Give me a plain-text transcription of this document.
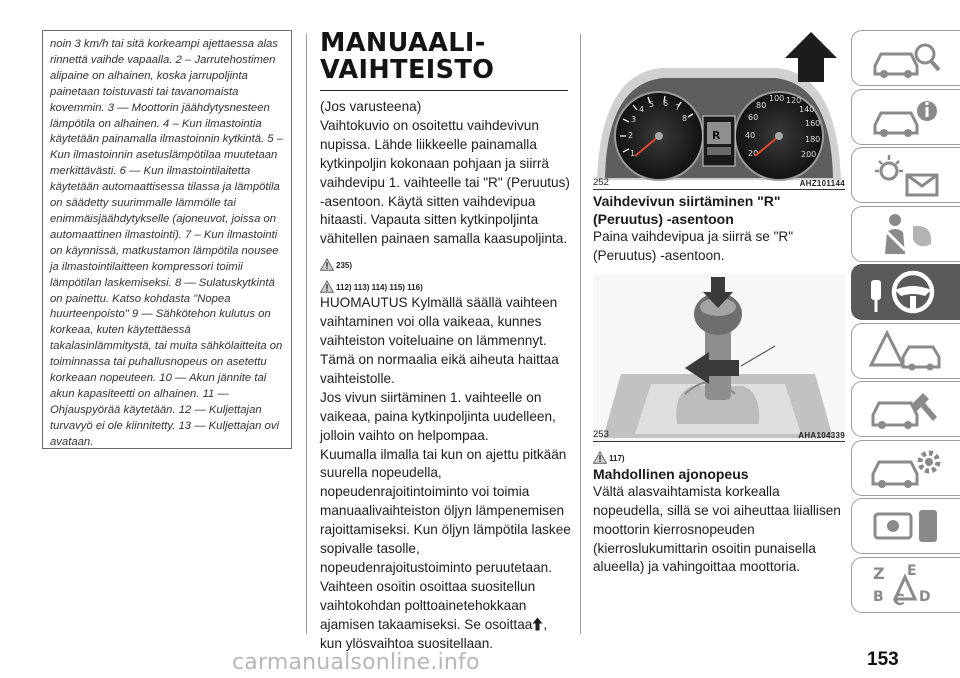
noin 3 km/h tai sitä korkeampi ajettaessa alas rinnettä vaihde vapaalla. 2 – Jarrutehostimen alipaine on alhainen, koska jarrupoljinta painetaan toistuvasti tai tavanomaista kovemmin. 3 — Moottorin jäähdytysnesteen lämpötila on alhainen. 4 – Kun ilmastointia käytetään painamalla ilmastoinnin kytkintä. 5 – Kun ilmastoinnin asetuslämpötilaa muutetaan merkittävästi. 6 — Kun ilmastointilaitetta käytetään automaattisessa tilassa ja lämpötila on säädetty suurimmalle lämmölle tai enimmäisjäähdytykselle (ajoneuvot, joissa on automaattinen ilmastointi). 7 – Kun ilmastointi on käynnissä, matkustamon lämpötila nousee ja ilmastointilaitteen kompressori toimii lämpötilan laskemiseksi. 8 — Sulatuskytkintä on painettu. Katso kohdasta "Nopea huurteenpoisto" 9 — Sähkötehon kulutus on korkeaa, kuten käytettäessä takalasinlämmitystä, tai muita sähkölaitteita on toiminnassa tai puhallusnopeus on asetettu korkeaan nopeuteen. 10 — Akun jännite tai akun kapasiteetti on alhainen. 11 — Ohjauspyörää käytetään. 12 — Kuljettajan turvavyö ei ole kiinnitetty. 13 — Kuljettajan ovi avataan.

MANUAALI-
VAIHTEISTO

(Jos varusteena)
Vaihtokuvio on osoitettu vaihdevivun nupissa. Lähde liikkeelle painamalla kytkinpoljin kokonaan pohjaan ja siirrä vaihdevipu 1. vaihteelle tai "R" (Peruutus) -asentoon. Käytä sitten vaihdevipua hitaasti. Vapauta sitten kytkinpoljinta vähitellen painaen samalla kaasupoljinta.

235)
112) 113) 114) 115) 116)

HUOMAUTUS Kylmällä säällä vaihteen vaihtaminen voi olla vaikeaa, kunnes vaihteiston voiteluaine on lämmennyt. Tämä on normaalia eikä aiheuta haittaa vaihteistolle.
Jos vivun siirtäminen 1. vaihteelle on vaikeaa, paina kytkinpoljinta uudelleen, jolloin vaihto on helpompaa.
Kuumalla ilmalla tai kun on ajettu pitkään suurella nopeudella, nopeudenrajoitintoiminto voi toimia manuaalivaihteiston öljyn lämpenemisen rajoittamiseksi. Kun öljyn lämpötila laskee sopivalle tasolle, nopeudenrajoitustoiminto peruutetaan.
Vaihteen osoitin osoittaa suositellun vaihtokohdan polttoainetehokkaan ajamisen takaamiseksi. Se osoittaa ,
kun ylösvaihtoa suositellaan.

1
2
3
4
5 6 7
8
20
40
60
80
100 120
140
160
180
200
R
252	AHZ101144
Vaihdevivun siirtäminen "R" (Peruutus) -asentoon

Paina vaihdevipua ja siirrä se "R" (Peruutus) -asentoon.

253	AHA104339
117)
Mahdollinen ajonopeus

Vältä alasvaihtamista korkealla nopeudella, sillä se voi aiheuttaa liiallisen moottorin kierrosnopeuden (kierroslukumittarin osoitin punaisella alueella) ja vahingoittaa moottoria.	Z E
B C D
153
carmanualsonline.info
